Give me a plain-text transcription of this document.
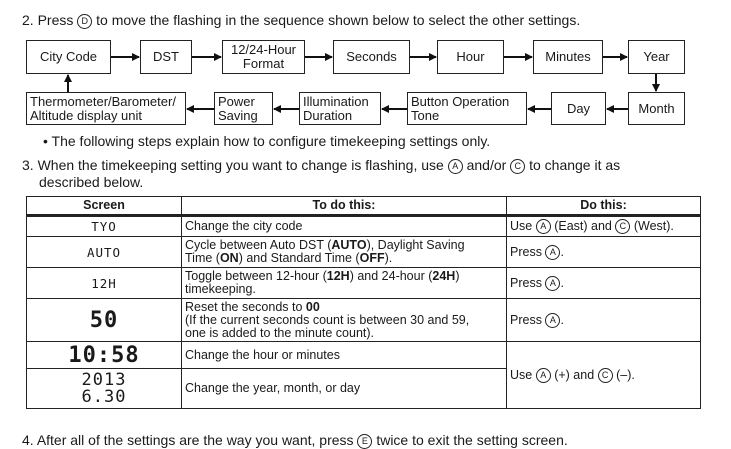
2. Press D to move the flashing in the sequence shown below to select the other settings.
City Code	DST	12/24-Hour
Format	Seconds	Hour	Minutes	Year
Month
Day
Button Operation
Tone
Illumination
Duration
Power
Saving
Thermometer/Barometer/
Altitude display unit
• The following steps explain how to configure timekeeping settings only.
3. When the timekeeping setting you want to change is flashing, use A and/or C to change it as
described below.
Screen	To do this:	Do this:
TYO	Change the city code	Use A (East) and C (West).
AUTO	Cycle between Auto DST (AUTO), Daylight Saving
Time (ON) and Standard Time (OFF).	Press A .
12H	Toggle between 12-hour (12H) and 24-hour (24H)
timekeeping.	Press A .
50	Reset the seconds to 00
(If the current seconds count is between 30 and 59,
one is added to the minute count).	Press A .
10:58	Change the hour or minutes	Use A (+) and C (–).

2013
6.30	Change the year, month, or day	
4. After all of the settings are the way you want, press E twice to exit the setting screen.
